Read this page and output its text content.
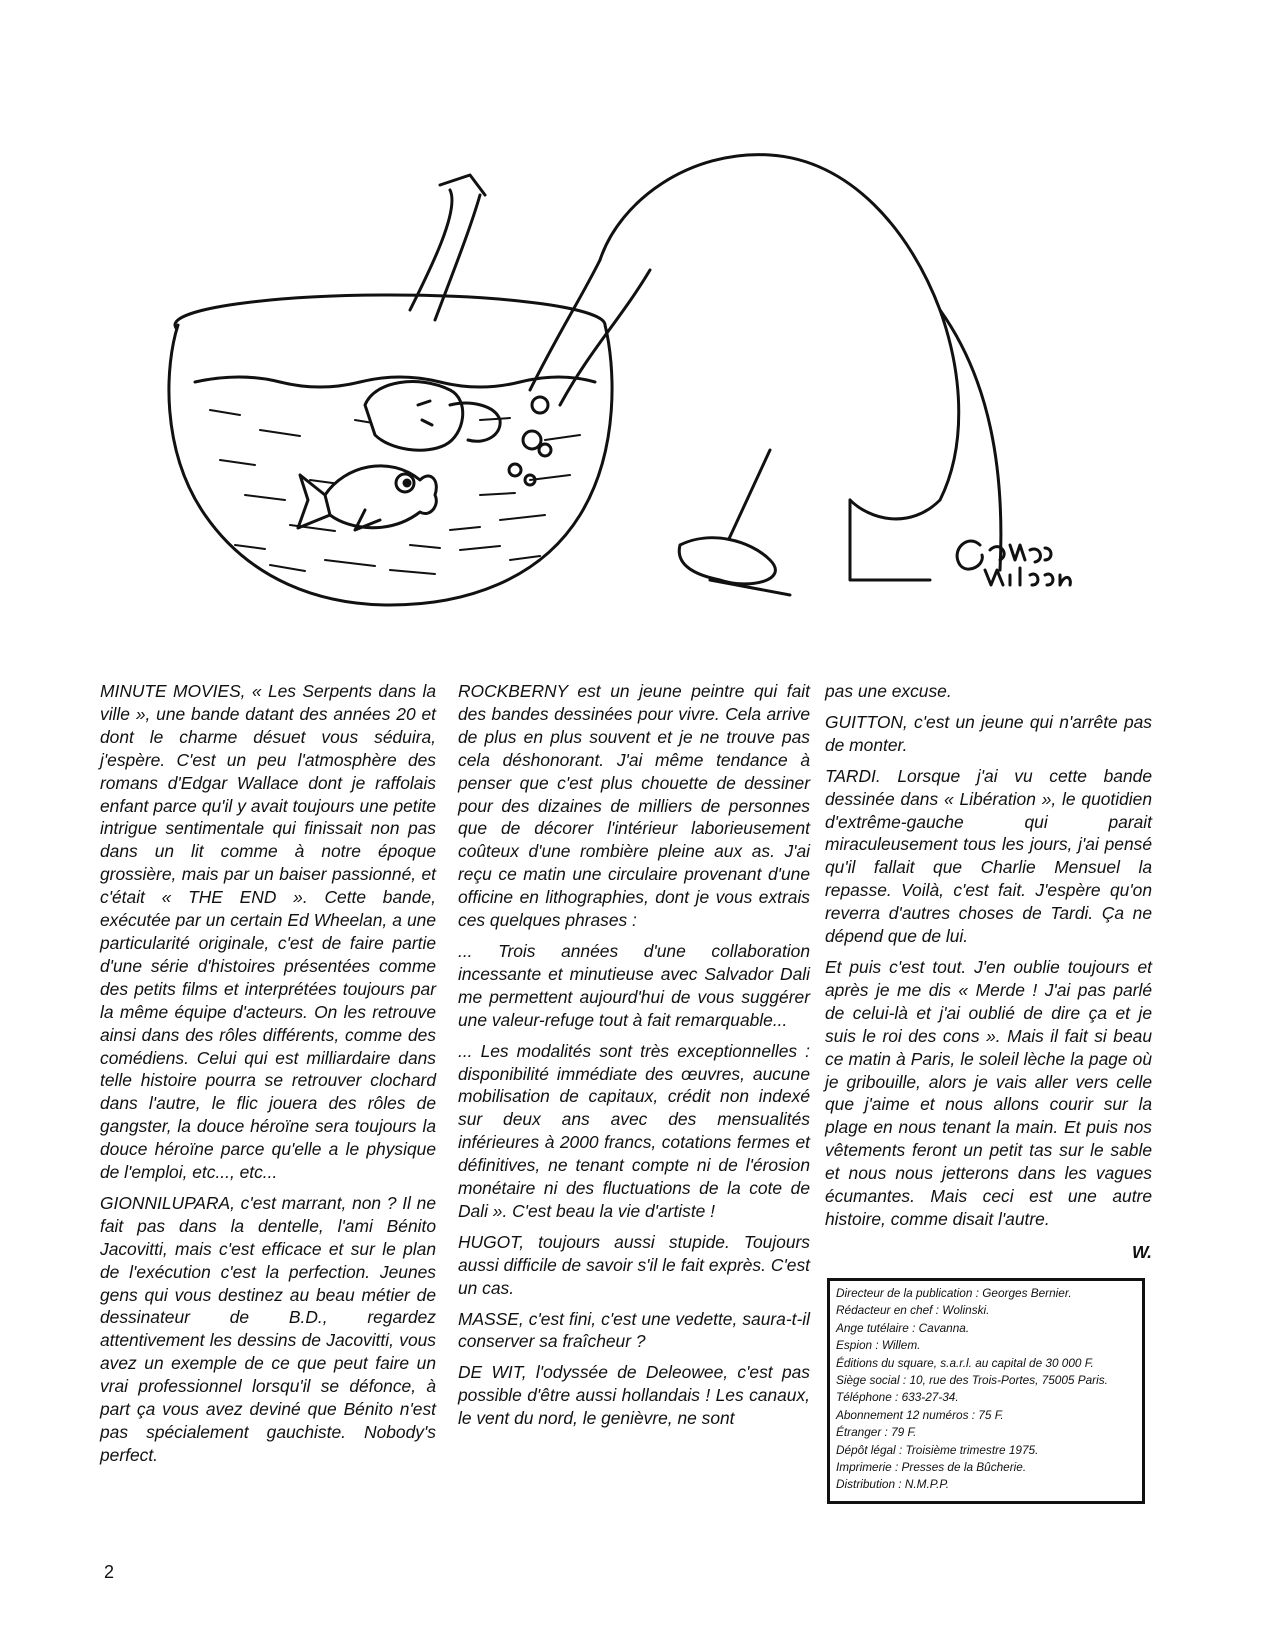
MINUTE MOVIES, « Les Serpents dans la ville », une bande datant des années 20 et dont le charme désuet vous séduira, j'espère. C'est un peu l'atmosphère des romans d'Edgar Wallace dont je raffolais enfant parce qu'il y avait toujours une petite intrigue sentimentale qui finissait non pas dans un lit comme à notre époque grossière, mais par un baiser passionné, et c'était « THE END ». Cette bande, exécutée par un certain Ed Wheelan, a une particularité originale, c'est de faire partie d'une série d'histoires présentées comme des petits films et interprétées toujours par la même équipe d'acteurs. On les retrouve ainsi dans des rôles différents, comme des comédiens. Celui qui est milliardaire dans telle histoire pourra se retrouver clochard dans l'autre, le flic jouera des rôles de gangster, la douce héroïne sera toujours la douce héroïne parce qu'elle a le physique de l'emploi, etc..., etc...

GIONNILUPARA, c'est marrant, non ? Il ne fait pas dans la dentelle, l'ami Bénito Jacovitti, mais c'est efficace et sur le plan de l'exécution c'est la perfection. Jeunes gens qui vous destinez au beau métier de dessinateur de B.D., regardez attentivement les dessins de Jacovitti, vous avez un exemple de ce que peut faire un vrai professionnel lorsqu'il se défonce, à part ça vous avez deviné que Bénito n'est pas spécialement gauchiste. Nobody's perfect.

ROCKBERNY est un jeune peintre qui fait des bandes dessinées pour vivre. Cela arrive de plus en plus souvent et je ne trouve pas cela déshonorant. J'ai même tendance à penser que c'est plus chouette de dessiner pour des dizaines de milliers de personnes que de décorer l'intérieur laborieusement coûteux d'une rombière pleine aux as. J'ai reçu ce matin une circulaire provenant d'une officine en lithographies, dont je vous extrais ces quelques phrases :

... Trois années d'une collaboration incessante et minutieuse avec Salvador Dali me permettent aujourd'hui de vous suggérer une valeur-refuge tout à fait remarquable...

... Les modalités sont très exceptionnelles : disponibilité immédiate des œuvres, aucune mobilisation de capitaux, crédit non indexé sur deux ans avec des mensualités inférieures à 2000 francs, cotations fermes et définitives, ne tenant compte ni de l'érosion monétaire ni des fluctuations de la cote de Dali ». C'est beau la vie d'artiste !

HUGOT, toujours aussi stupide. Toujours aussi difficile de savoir s'il le fait exprès. C'est un cas.

MASSE, c'est fini, c'est une vedette, saura-t-il conserver sa fraîcheur ?

DE WIT, l'odyssée de Deleowee, c'est pas possible d'être aussi hollandais ! Les canaux, le vent du nord, le genièvre, ne sont

pas une excuse.

GUITTON, c'est un jeune qui n'arrête pas de monter.

TARDI. Lorsque j'ai vu cette bande dessinée dans « Libération », le quotidien d'extrême-gauche qui parait miraculeusement tous les jours, j'ai pensé qu'il fallait que Charlie Mensuel la repasse. Voilà, c'est fait. J'espère qu'on reverra d'autres choses de Tardi. Ça ne dépend que de lui.

Et puis c'est tout. J'en oublie toujours et après je me dis « Merde ! J'ai pas parlé de celui-là et j'ai oublié de dire ça et je suis le roi des cons ». Mais il fait si beau ce matin à Paris, le soleil lèche la page où je gribouille, alors je vais aller vers celle que j'aime et nous allons courir sur la plage en nous tenant la main. Et puis nos vêtements feront un petit tas sur le sable et nous nous jetterons dans les vagues écumantes. Mais ceci est une autre histoire, comme disait l'autre.

W.

Directeur de la publication : Georges Bernier.
Rédacteur en chef : Wolinski.
Ange tutélaire : Cavanna.
Espion : Willem.
Éditions du square, s.a.r.l. au capital de 30 000 F.
Siège social : 10, rue des Trois-Portes, 75005 Paris.
Téléphone : 633-27-34.
Abonnement 12 numéros : 75 F.
Étranger : 79 F.
Dépôt légal : Troisième trimestre 1975.
Imprimerie : Presses de la Bûcherie.
Distribution : N.M.P.P.
2
